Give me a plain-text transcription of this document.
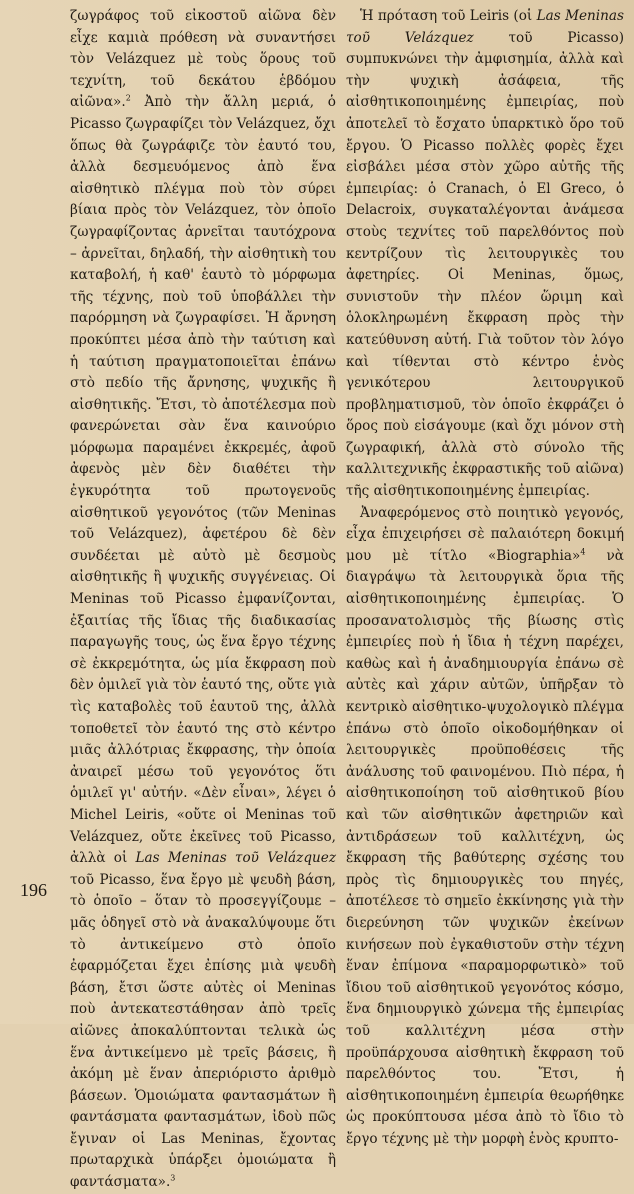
ζωγράφος τοῦ εἰκοστοῦ αἰῶνα δὲν εἶχε καμιὰ πρόθεση νὰ συναντήσει τὸν Velázquez μὲ τοὺς ὅρους τοῦ τεχνίτη, τοῦ δεκάτου ἑβδόμου αἰῶνα».$^2$ Ἀπὸ τὴν ἄλλη μεριά, ὁ Picasso ζωγραφίζει τὸν Velázquez, ὄχι ὅπως θὰ ζωγράφιζε τὸν ἑαυτό του, ἀλλὰ δεσμευόμενος ἀπὸ ἕνα αἰσθητικὸ πλέγμα ποὺ τὸν σύρει βίαια πρὸς τὸν Velázquez, τὸν ὁποῖο ζωγραφίζοντας ἀρνεῖται ταυτόχρονα – ἀρνεῖται, δηλαδή, τὴν αἰσθητικὴ του καταβολή, ἡ καθ' ἑαυτὸ τὸ μόρφωμα τῆς τέχνης, ποὺ τοῦ ὑποβάλλει τὴν παρόρμηση νὰ ζωγραφίσει. Ἡ ἄρνηση προκύπτει μέσα ἀπὸ τὴν ταύτιση καὶ ἡ ταύτιση πραγματοποιεῖται ἐπάνω στὸ πεδίο τῆς ἄρνησης, ψυχικῆς ἢ αἰσθητικῆς. Ἔτσι, τὸ ἀποτέλεσμα ποὺ φανερώνεται σὰν ἕνα καινούριο μόρφωμα παραμένει ἐκκρεμές, ἀφοῦ ἀφενὸς μὲν δὲν διαθέτει τὴν ἐγκυρότητα τοῦ πρωτογενοῦς αἰσθητικοῦ γεγονότος (τῶν Meninas τοῦ Velázquez), ἀφετέρου δὲ δὲν συνδέεται μὲ αὐτὸ μὲ δεσμοὺς αἰσθητικῆς ἢ ψυχικῆς συγγένειας. Οἱ Meninas τοῦ Picasso ἐμφανίζονται, ἐξαιτίας τῆς ἴδιας τῆς διαδικασίας παραγωγῆς τους, ὡς ἕνα ἔργο τέχνης σὲ ἐκκρεμότητα, ὡς μία ἔκφραση ποὺ δὲν ὁμιλεῖ γιὰ τὸν ἑαυτό της, οὔτε γιὰ τὶς καταβολὲς τοῦ ἑαυτοῦ της, ἀλλὰ τοποθετεῖ τὸν ἑαυτό της στὸ κέντρο μιᾶς ἀλλότριας ἔκφρασης, τὴν ὁποία ἀναιρεῖ μέσω τοῦ γεγονότος ὅτι ὁμιλεῖ γι' αὐτήν. «Δὲν εἶναι», λέγει ὁ Michel Leiris, «οὔτε οἱ Meninas τοῦ Velázquez, οὔτε ἐκεῖνες τοῦ Picasso, ἀλλὰ οἱ Las Meninas τοῦ Velázquez τοῦ Picasso, ἕνα ἔργο μὲ ψευδὴ βάση, τὸ ὁποῖο – ὅταν τὸ προσεγγίζουμε – μᾶς ὁδηγεῖ στὸ νὰ ἀνακαλύψουμε ὅτι τὸ ἀντικείμενο στὸ ὁποῖο ἐφαρμόζεται ἔχει ἐπίσης μιὰ ψευδὴ βάση, ἔτσι ὥστε αὐτὲς οἱ Meninas ποὺ ἀντεκατεστάθησαν ἀπὸ τρεῖς αἰῶνες ἀποκαλύπτονται τελικὰ ὡς ἕνα ἀντικείμενο μὲ τρεῖς βάσεις, ἢ ἀκόμη μὲ ἕναν ἀπεριόριστο ἀριθμὸ βάσεων. Ὁμοιώματα φαντασμάτων ἢ φαντάσματα φαντασμάτων, ἰδοὺ πῶς ἔγιναν οἱ Las Meninas, ἔχοντας πρωταρχικὰ ὑπάρξει ὁμοιώματα ἢ φαντάσματα».$^3$

Ἡ πρόταση τοῦ Leiris (οἱ Las Meninas τοῦ Velázquez τοῦ Picasso) συμπυκνώνει τὴν ἀμφισημία, ἀλλὰ καὶ τὴν ψυχικὴ ἀσάφεια, τῆς αἰσθητικοποιημένης ἐμπειρίας, ποὺ ἀποτελεῖ τὸ ἔσχατο ὑπαρκτικὸ ὅρο τοῦ ἔργου. Ὁ Picasso πολλὲς φορὲς ἔχει εἰσβάλει μέσα στὸν χῶρο αὐτῆς τῆς ἐμπειρίας: ὁ Cranach, ὁ El Greco, ὁ Delacroix, συγκαταλέγονται ἀνάμεσα στοὺς τεχνίτες τοῦ παρελθόντος ποὺ κεντρίζουν τὶς λειτουργικὲς του ἀφετηρίες. Οἱ Meninas, ὅμως, συνιστοῦν τὴν πλέον ὥριμη καὶ ὁλοκληρωμένη ἔκφραση πρὸς τὴν κατεύθυνση αὐτή. Γιὰ τοῦτον τὸν λόγο καὶ τίθενται στὸ κέντρο ἑνὸς γενικότερου λειτουργικοῦ προβληματισμοῦ, τὸν ὁποῖο ἐκφράζει ὁ ὅρος ποὺ εἰσάγουμε (καὶ ὄχι μόνον στὴ ζωγραφική, ἀλλὰ στὸ σύνολο τῆς καλλιτεχνικῆς ἐκφραστικῆς τοῦ αἰῶνα) τῆς αἰσθητικοποιημένης ἐμπειρίας.

Ἀναφερόμενος στὸ ποιητικὸ γεγονός, εἶχα ἐπιχειρήσει σὲ παλαιότερη δοκιμή μου μὲ τίτλο «Biographia»$^4$ νὰ διαγράψω τὰ λειτουργικὰ ὅρια τῆς αἰσθητικοποιημένης ἐμπειρίας. Ὁ προσανατολισμὸς τῆς βίωσης στὶς ἐμπειρίες ποὺ ἡ ἴδια ἡ τέχνη παρέχει, καθὼς καὶ ἡ ἀναδημιουργία ἐπάνω σὲ αὐτὲς καὶ χάριν αὐτῶν, ὑπῆρξαν τὸ κεντρικὸ αἰσθητικο-ψυχολογικὸ πλέγμα ἐπάνω στὸ ὁποῖο οἰκοδομήθηκαν οἱ λειτουργικὲς προϋποθέσεις τῆς ἀνάλυσης τοῦ φαινομένου. Πιὸ πέρα, ἡ αἰσθητικοποίηση τοῦ αἰσθητικοῦ βίου καὶ τῶν αἰσθητικῶν ἀφετηριῶν καὶ ἀντιδράσεων τοῦ καλλιτέχνη, ὡς ἔκφραση τῆς βαθύτερης σχέσης του πρὸς τὶς δημιουργικὲς του πηγές, ἀποτέλεσε τὸ σημεῖο ἐκκίνησης γιὰ τὴν διερεύνηση τῶν ψυχικῶν ἐκείνων κινήσεων ποὺ ἐγκαθιστοῦν στὴν τέχνη ἕναν ἐπίμονα «παραμορφωτικὸ» τοῦ ἴδιου τοῦ αἰσθητικοῦ γεγονότος κόσμο, ἕνα δημιουργικὸ χώνεμα τῆς ἐμπειρίας τοῦ καλλιτέχνη μέσα στὴν προϋπάρχουσα αἰσθητικὴ ἔκφραση τοῦ παρελθόντος του. Ἔτσι, ἡ αἰσθητικοποιημένη ἐμπειρία θεωρήθηκε ὡς προκύπτουσα μέσα ἀπὸ τὸ ἴδιο τὸ ἔργο τέχνης μὲ τὴν μορφὴ ἑνὸς κρυπτο-

196
